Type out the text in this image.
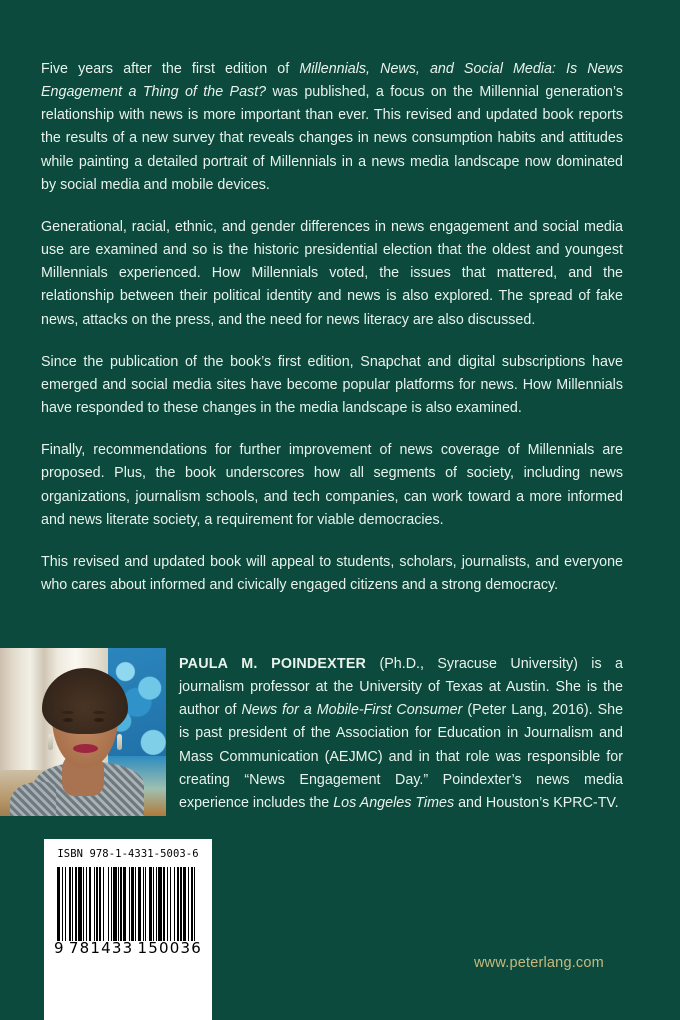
Five years after the first edition of Millennials, News, and Social Media: Is News Engagement a Thing of the Past? was published, a focus on the Millennial generation’s relationship with news is more important than ever. This revised and updated book reports the results of a new survey that reveals changes in news consumption habits and attitudes while painting a detailed portrait of Millennials in a news media landscape now dominated by social media and mobile devices.

Generational, racial, ethnic, and gender differences in news engagement and social media use are examined and so is the historic presidential election that the oldest and youngest Millennials experienced. How Millennials voted, the issues that mattered, and the relationship between their political identity and news is also explored. The spread of fake news, attacks on the press, and the need for news literacy are also discussed.

Since the publication of the book’s first edition, Snapchat and digital subscriptions have emerged and social media sites have become popular platforms for news. How Millennials have responded to these changes in the media landscape is also examined.

Finally, recommendations for further improvement of news coverage of Millennials are proposed. Plus, the book underscores how all segments of society, including news organizations, journalism schools, and tech companies, can work toward a more informed and news literate society, a requirement for viable democracies.

This revised and updated book will appeal to students, scholars, journalists, and everyone who cares about informed and civically engaged citizens and a strong democracy.

PAULA M. POINDEXTER (Ph.D., Syracuse University) is a journalism professor at the University of Texas at Austin. She is the author of News for a Mobile-First Consumer (Peter Lang, 2016). She is past president of the Association for Education in Journalism and Mass Communication (AEJMC) and in that role was responsible for creating “News Engagement Day.” Poindexter’s news media experience includes the Los Angeles Times and Houston’s KPRC-TV.
ISBN 978-1-4331-5003-6
9 781433 150036
www.peterlang.com
